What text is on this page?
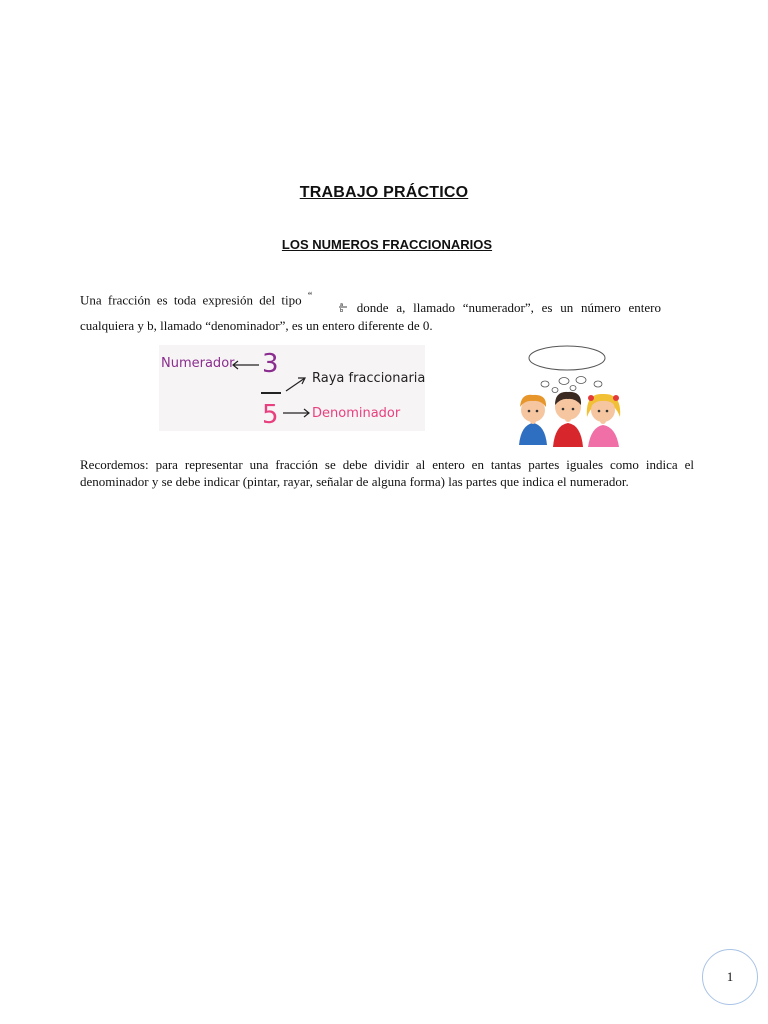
TRABAJO PRÁCTICO
LOS NUMEROS FRACCIONARIOS
Una fracción es toda expresión del tipo “
a
b donde a, llamado “numerador”, es un número entero
cualquiera y b, llamado “denominador”, es un entero diferente de 0.
Numerador 3	Raya fraccionaria
5	Denominador
Recordemos: para representar una fracción se debe dividir al entero en tantas partes iguales como indica el denominador y se debe indicar (pintar, rayar, señalar de alguna forma) las partes que indica el numerador.
1
